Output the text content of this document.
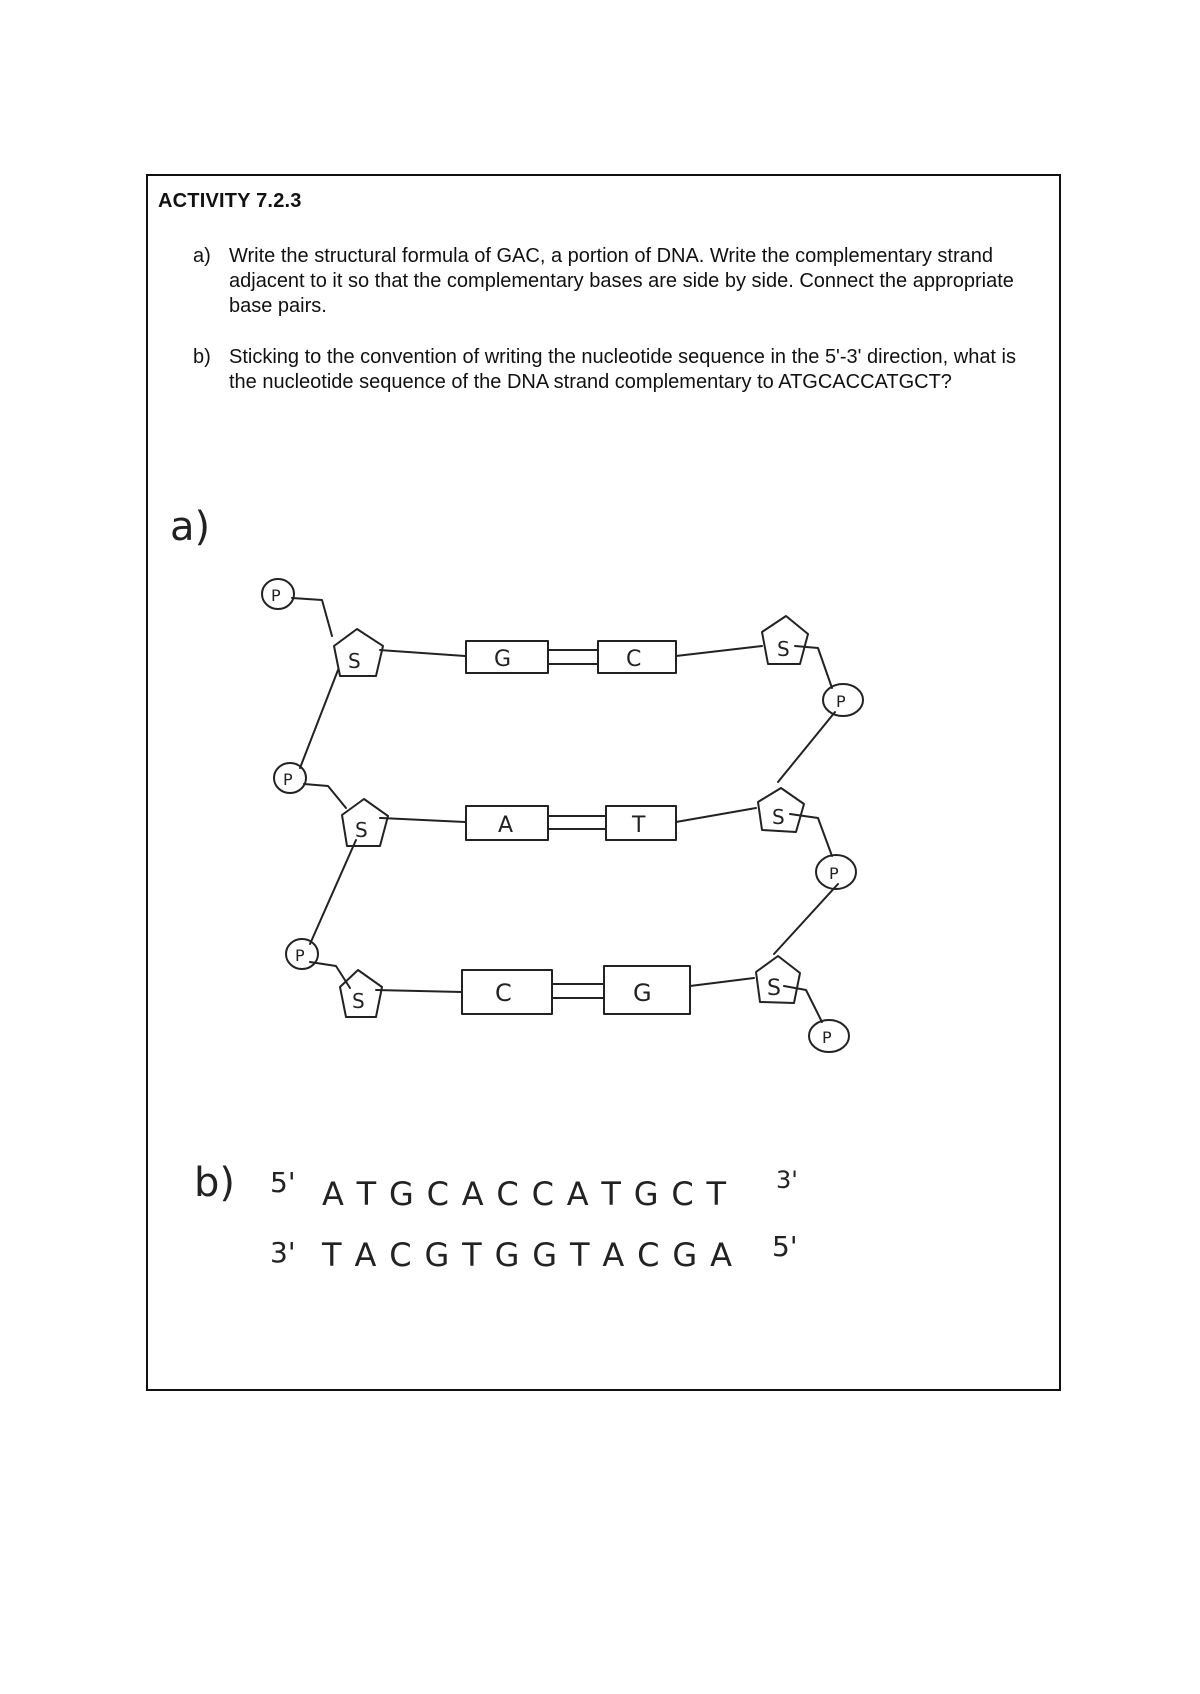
ACTIVITY 7.2.3
a) Write the structural formula of GAC, a portion of DNA. Write the complementary strand adjacent to it so that the complementary bases are side by side. Connect the appropriate base pairs.
b) Sticking to the convention of writing the nucleotide sequence in the 5'-3' direction, what is the nucleotide sequence of the DNA strand complementary to ATGCACCATGCT?
a)
G	C
A	T
C	G
S
S
S
S
S
S
P
P
P
P
P
P
b) 5' A T G C A C C A T G C T 3'
3' T A C G T G G T A C G A 5'
